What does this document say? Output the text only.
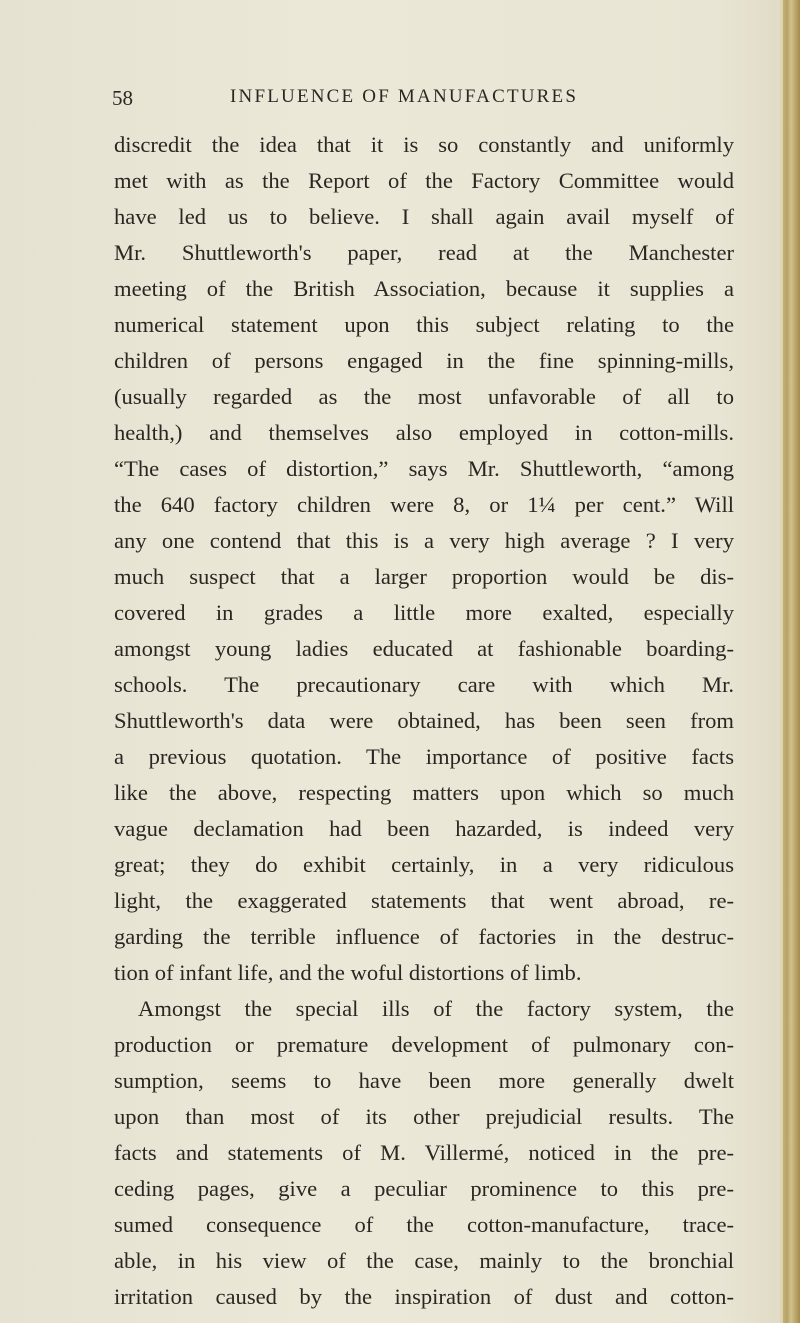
58	INFLUENCE OF MANUFACTURES
discredit the idea that it is so constantly and uniformly
met with as the Report of the Factory Committee would
have led us to believe. I shall again avail myself of
Mr. Shuttleworth's paper, read at the Manchester
meeting of the British Association, because it supplies a
numerical statement upon this subject relating to the
children of persons engaged in the fine spinning-mills,
(usually regarded as the most unfavorable of all to
health,) and themselves also employed in cotton-mills.
“The cases of distortion,” says Mr. Shuttleworth, “among
the 640 factory children were 8, or 1¼ per cent.” Will
any one contend that this is a very high average ? I very
much suspect that a larger proportion would be dis-
covered in grades a little more exalted, especially
amongst young ladies educated at fashionable boarding-
schools. The precautionary care with which Mr.
Shuttleworth's data were obtained, has been seen from
a previous quotation. The importance of positive facts
like the above, respecting matters upon which so much
vague declamation had been hazarded, is indeed very
great; they do exhibit certainly, in a very ridiculous
light, the exaggerated statements that went abroad, re-
garding the terrible influence of factories in the destruc-
tion of infant life, and the woful distortions of limb.
Amongst the special ills of the factory system, the
production or premature development of pulmonary con-
sumption, seems to have been more generally dwelt
upon than most of its other prejudicial results. The
facts and statements of M. Villermé, noticed in the pre-
ceding pages, give a peculiar prominence to this pre-
sumed consequence of the cotton-manufacture, trace-
able, in his view of the case, mainly to the bronchial
irritation caused by the inspiration of dust and cotton-
